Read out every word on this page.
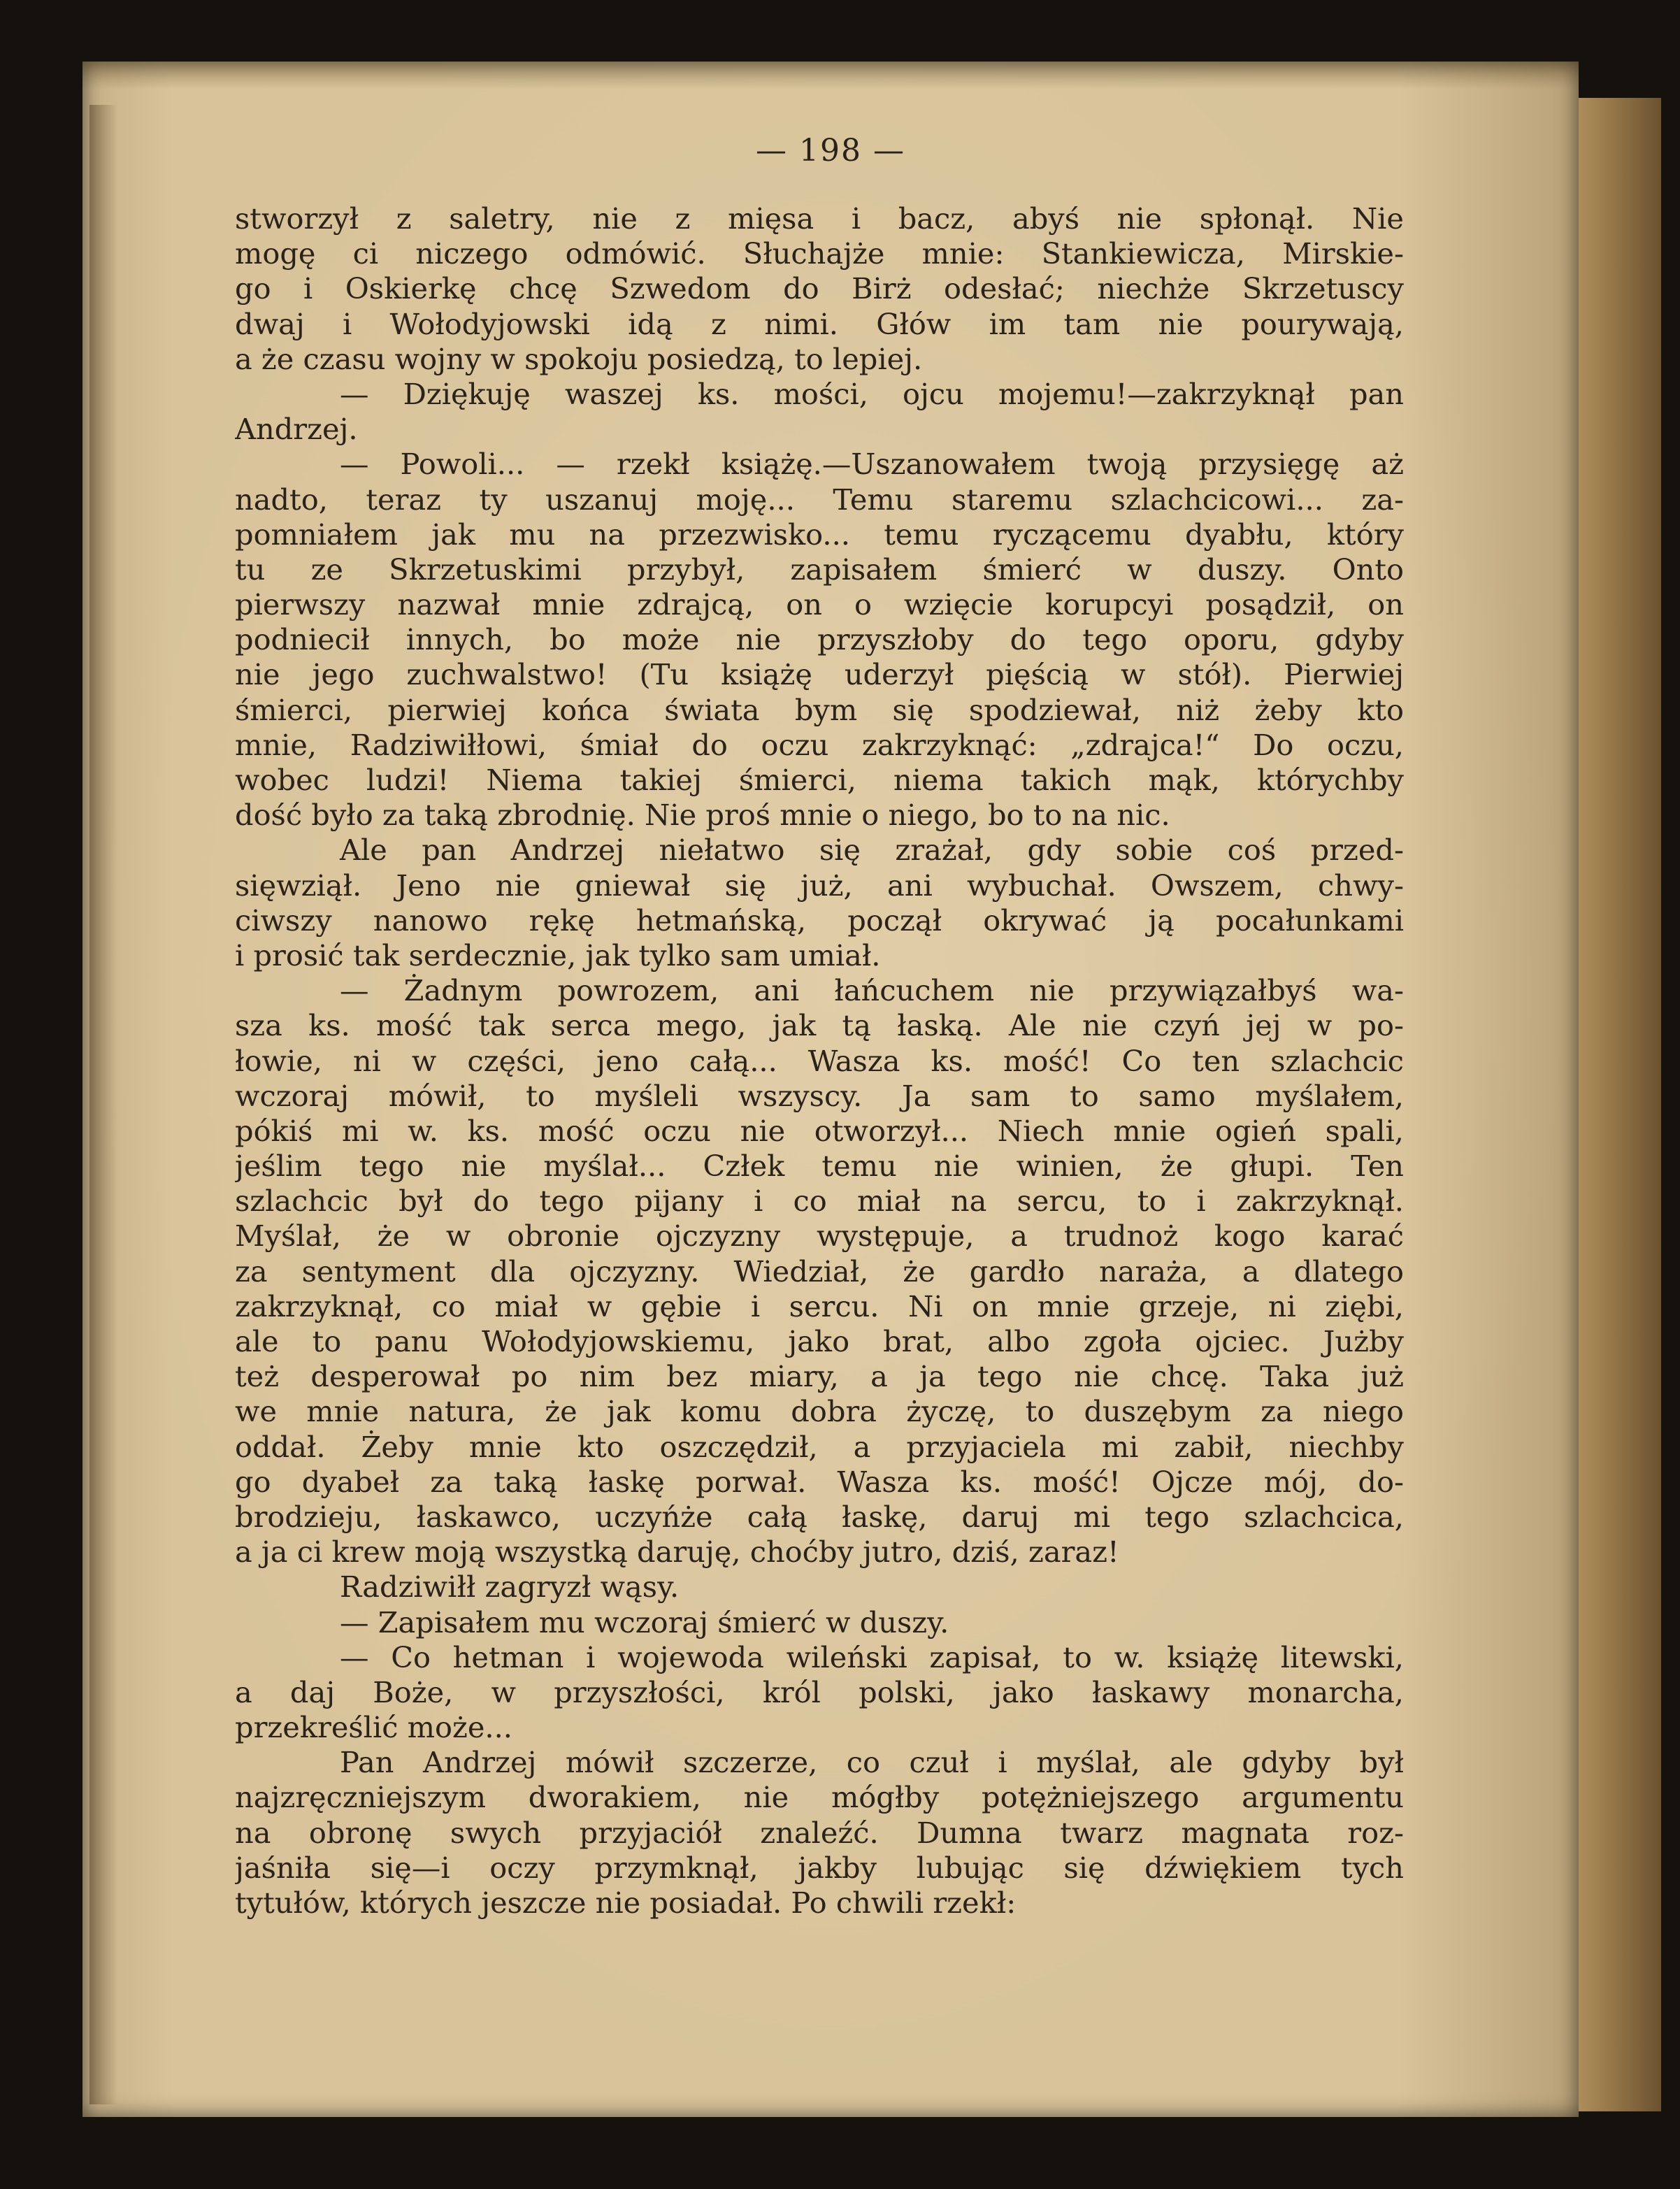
— 198 —
stworzył z saletry, nie z mięsa i bacz, abyś nie spłonął. Nie
mogę ci niczego odmówić. Słuchajże mnie: Stankiewicza, Mirskie-
go i Oskierkę chcę Szwedom do Birż odesłać; niechże Skrzetuscy
dwaj i Wołodyjowski idą z nimi. Głów im tam nie pourywają,
a że czasu wojny w spokoju posiedzą, to lepiej.
— Dziękuję waszej ks. mości, ojcu mojemu!—zakrzyknął pan
Andrzej.
— Powoli... — rzekł książę.—Uszanowałem twoją przysięgę aż
nadto, teraz ty uszanuj moję... Temu staremu szlachcicowi... za-
pomniałem jak mu na przezwisko... temu ryczącemu dyabłu, który
tu ze Skrzetuskimi przybył, zapisałem śmierć w duszy. Onto
pierwszy nazwał mnie zdrajcą, on o wzięcie korupcyi posądził, on
podniecił innych, bo może nie przyszłoby do tego oporu, gdyby
nie jego zuchwalstwo! (Tu książę uderzył pięścią w stół). Pierwiej
śmierci, pierwiej końca świata bym się spodziewał, niż żeby kto
mnie, Radziwiłłowi, śmiał do oczu zakrzyknąć: „zdrajca!“ Do oczu,
wobec ludzi! Niema takiej śmierci, niema takich mąk, którychby
dość było za taką zbrodnię. Nie proś mnie o niego, bo to na nic.
Ale pan Andrzej niełatwo się zrażał, gdy sobie coś przed-
sięwziął. Jeno nie gniewał się już, ani wybuchał. Owszem, chwy-
ciwszy nanowo rękę hetmańską, począł okrywać ją pocałunkami
i prosić tak serdecznie, jak tylko sam umiał.
— Żadnym powrozem, ani łańcuchem nie przywiązałbyś wa-
sza ks. mość tak serca mego, jak tą łaską. Ale nie czyń jej w po-
łowie, ni w części, jeno całą... Wasza ks. mość! Co ten szlachcic
wczoraj mówił, to myśleli wszyscy. Ja sam to samo myślałem,
pókiś mi w. ks. mość oczu nie otworzył... Niech mnie ogień spali,
jeślim tego nie myślał... Człek temu nie winien, że głupi. Ten
szlachcic był do tego pijany i co miał na sercu, to i zakrzyknął.
Myślał, że w obronie ojczyzny występuje, a trudnoż kogo karać
za sentyment dla ojczyzny. Wiedział, że gardło naraża, a dlatego
zakrzyknął, co miał w gębie i sercu. Ni on mnie grzeje, ni ziębi,
ale to panu Wołodyjowskiemu, jako brat, albo zgoła ojciec. Jużby
też desperował po nim bez miary, a ja tego nie chcę. Taka już
we mnie natura, że jak komu dobra życzę, to duszębym za niego
oddał. Żeby mnie kto oszczędził, a przyjaciela mi zabił, niechby
go dyabeł za taką łaskę porwał. Wasza ks. mość! Ojcze mój, do-
brodzieju, łaskawco, uczyńże całą łaskę, daruj mi tego szlachcica,
a ja ci krew moją wszystką daruję, choćby jutro, dziś, zaraz!
Radziwiłł zagryzł wąsy.
— Zapisałem mu wczoraj śmierć w duszy.
— Co hetman i wojewoda wileński zapisał, to w. książę litewski,
a daj Boże, w przyszłości, król polski, jako łaskawy monarcha,
przekreślić może...
Pan Andrzej mówił szczerze, co czuł i myślał, ale gdyby był
najzręczniejszym dworakiem, nie mógłby potężniejszego argumentu
na obronę swych przyjaciół znaleźć. Dumna twarz magnata roz-
jaśniła się—i oczy przymknął, jakby lubując się dźwiękiem tych
tytułów, których jeszcze nie posiadał. Po chwili rzekł:
